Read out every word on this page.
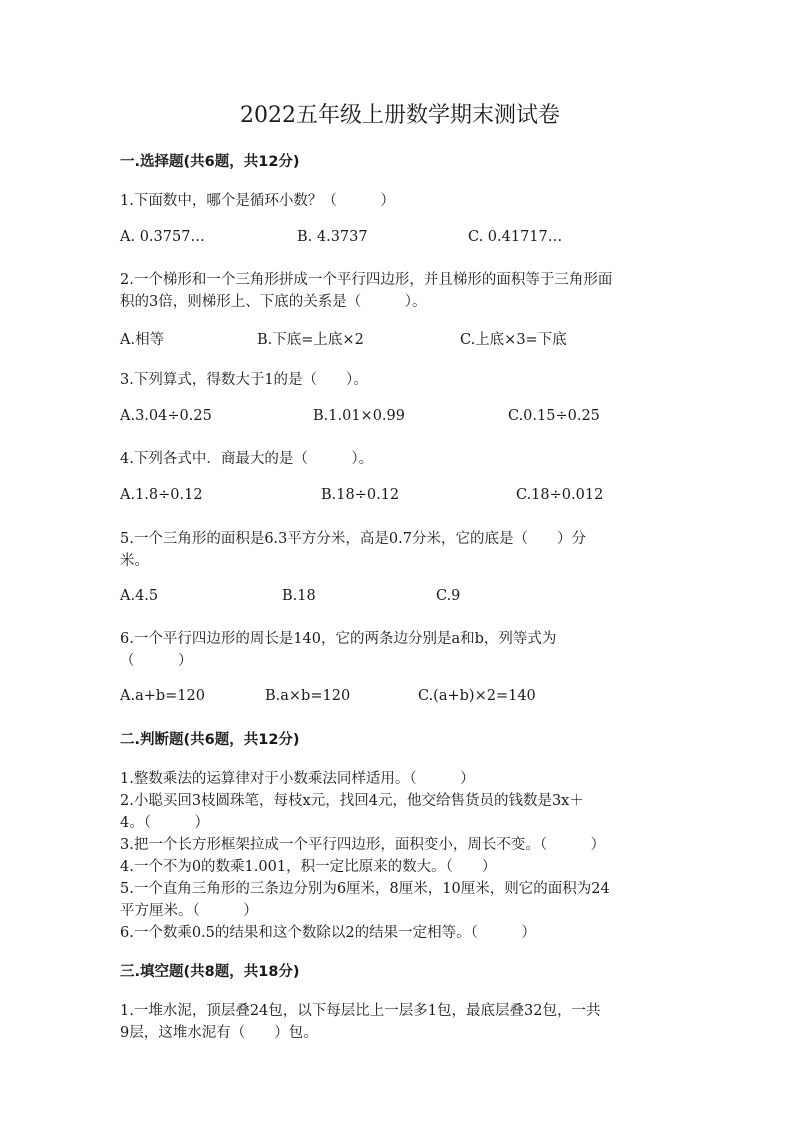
2022五年级上册数学期末测试卷
一.选择题(共6题，共12分)
1.下面数中，哪个是循环小数？（　　　）
A. 0.3757…	B. 4.3737	C. 0.41717…
2.一个梯形和一个三角形拼成一个平行四边形，并且梯形的面积等于三角形面
积的3倍，则梯形上、下底的关系是（　　　）。
A.相等	B.下底=上底×2	C.上底×3=下底
3.下列算式，得数大于1的是（　　）。
A.3.04÷0.25	B.1.01×0.99	C.0.15÷0.25
4.下列各式中．商最大的是（　　　）。
A.1.8÷0.12	B.18÷0.12	C.18÷0.012
5.一个三角形的面积是6.3平方分米，高是0.7分米，它的底是（　　）分
米。
A.4.5	B.18	C.9
6.一个平行四边形的周长是140，它的两条边分别是a和b，列等式为
（　　　）
A.a+b=120	B.a×b=120	C.(a+b)×2=140
二.判断题(共6题，共12分)
1.整数乘法的运算律对于小数乘法同样适用。（　　　）
2.小聪买回3枝圆珠笔，每枝x元，找回4元，他交给售货员的钱数是3x＋
4。（　　　）
3.把一个长方形框架拉成一个平行四边形，面积变小，周长不变。（　　　）
4.一个不为0的数乘1.001，积一定比原来的数大。（　　）
5.一个直角三角形的三条边分别为6厘米，8厘米，10厘米，则它的面积为24
平方厘米。（　　　）
6.一个数乘0.5的结果和这个数除以2的结果一定相等。（　　　）
三.填空题(共8题，共18分)
1.一堆水泥，顶层叠24包，以下每层比上一层多1包，最底层叠32包，一共
9层，这堆水泥有（　　）包。
